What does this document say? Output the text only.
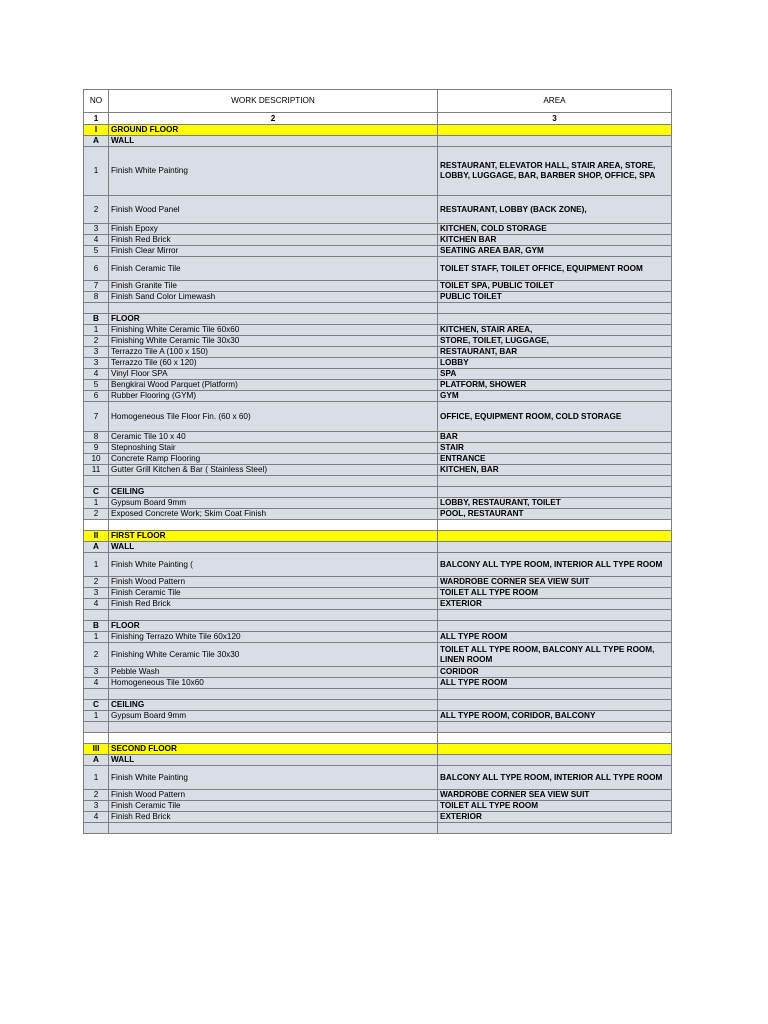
NO	WORK DESCRIPTION	AREA
1	2	3
I	GROUND FLOOR	
A	WALL	
1	Finish White Painting	RESTAURANT, ELEVATOR HALL, STAIR AREA, STORE, LOBBY, LUGGAGE, BAR, BARBER SHOP, OFFICE, SPA
2	Finish Wood Panel	RESTAURANT, LOBBY (BACK ZONE),
3	Finish Epoxy	KITCHEN, COLD STORAGE
4	Finish Red Brick	KITCHEN BAR
5	Finish Clear Mirror	SEATING AREA BAR, GYM
6	Finish Ceramic Tile	TOILET STAFF, TOILET OFFICE, EQUIPMENT ROOM
7	Finish Granite Tile	TOILET SPA, PUBLIC TOILET
8	Finish Sand Color Limewash	PUBLIC TOILET

B	FLOOR	
1	Finishing White Ceramic Tile 60x60	KITCHEN, STAIR AREA,
2	Finishing White Ceramic Tile 30x30	STORE, TOILET, LUGGAGE,
3	Terrazzo Tile A (100 x 150)	RESTAURANT, BAR
3	Terrazzo Tile (60 x 120)	LOBBY
4	Vinyl Floor SPA	SPA
5	Bengkirai Wood Parquet (Platform)	PLATFORM, SHOWER
6	Rubber Flooring (GYM)	GYM
7	Homogeneous Tile Floor Fin. (60 x 60)	OFFICE, EQUIPMENT ROOM, COLD STORAGE
8	Ceramic Tile 10 x 40	BAR
9	Stepnoshing Stair	STAIR
10	Concrete Ramp Flooring	ENTRANCE
11	Gutter Grill Kitchen & Bar ( Stainless Steel)	KITCHEN, BAR

C	CEILING	
1	Gypsum Board 9mm	LOBBY, RESTAURANT, TOILET
2	Exposed Concrete Work; Skim Coat Finish	POOL, RESTAURANT

II	FIRST FLOOR	
A	WALL	
1	Finish White Painting (	BALCONY ALL TYPE ROOM, INTERIOR ALL TYPE ROOM
2	Finish Wood Pattern	WARDROBE CORNER SEA VIEW SUIT
3	Finish Ceramic Tile	TOILET ALL TYPE ROOM
4	Finish Red Brick	EXTERIOR

B	FLOOR	
1	Finishing Terrazo White Tile 60x120	ALL TYPE ROOM
2	Finishing White Ceramic Tile 30x30	TOILET ALL TYPE ROOM, BALCONY ALL TYPE ROOM, LINEN ROOM
3	Pebble Wash	CORIDOR
4	Homogeneous Tile 10x60	ALL TYPE ROOM

C	CEILING	
1	Gypsum Board 9mm	ALL TYPE ROOM, CORIDOR, BALCONY

III	SECOND FLOOR	
A	WALL	
1	Finish White Painting	BALCONY ALL TYPE ROOM, INTERIOR ALL TYPE ROOM
2	Finish Wood Pattern	WARDROBE CORNER SEA VIEW SUIT
3	Finish Ceramic Tile	TOILET ALL TYPE ROOM
4	Finish Red Brick	EXTERIOR
